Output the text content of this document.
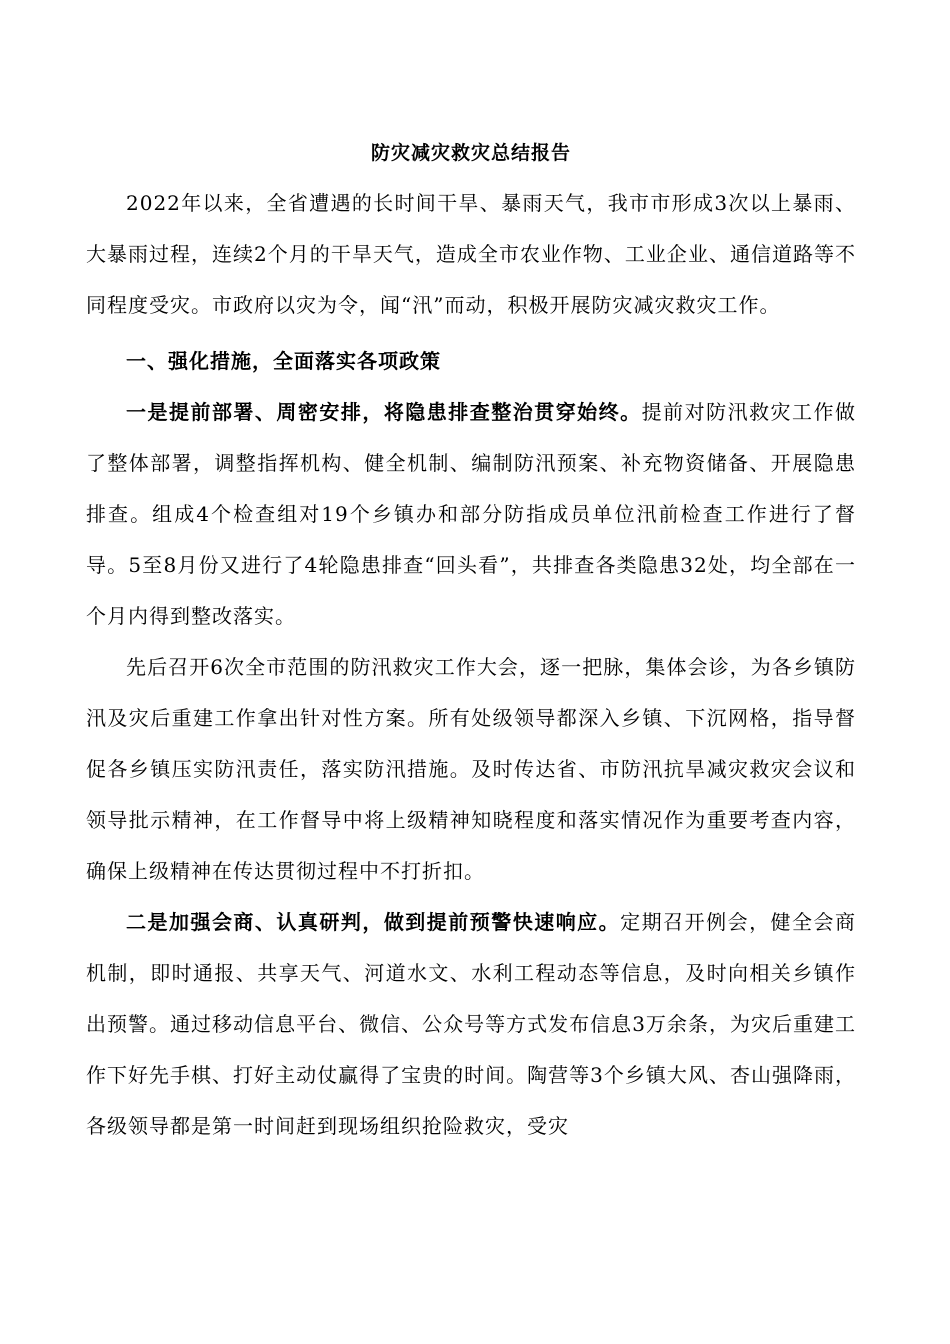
防灾减灾救灾总结报告

2022年以来，全省遭遇的长时间干旱、暴雨天气，我市市形成3次以上暴雨、大暴雨过程，连续2个月的干旱天气，造成全市农业作物、工业企业、通信道路等不同程度受灾。市政府以灾为令，闻“汛”而动，积极开展防灾减灾救灾工作。

一、强化措施，全面落实各项政策

一是提前部署、周密安排，将隐患排查整治贯穿始终。提前对防汛救灾工作做了整体部署，调整指挥机构、健全机制、编制防汛预案、补充物资储备、开展隐患排查。组成4个检查组对19个乡镇办和部分防指成员单位汛前检查工作进行了督导。5至8月份又进行了4轮隐患排查“回头看”，共排查各类隐患32处，均全部在一个月内得到整改落实。

先后召开6次全市范围的防汛救灾工作大会，逐一把脉，集体会诊，为各乡镇防汛及灾后重建工作拿出针对性方案。所有处级领导都深入乡镇、下沉网格，指导督促各乡镇压实防汛责任，落实防汛措施。及时传达省、市防汛抗旱减灾救灾会议和领导批示精神，在工作督导中将上级精神知晓程度和落实情况作为重要考查内容，确保上级精神在传达贯彻过程中不打折扣。

二是加强会商、认真研判，做到提前预警快速响应。定期召开例会，健全会商机制，即时通报、共享天气、河道水文、水利工程动态等信息，及时向相关乡镇作出预警。通过移动信息平台、微信、公众号等方式发布信息3万余条，为灾后重建工作下好先手棋、打好主动仗赢得了宝贵的时间。陶营等3个乡镇大风、杏山强降雨，各级领导都是第一时间赶到现场组织抢险救灾，受灾
